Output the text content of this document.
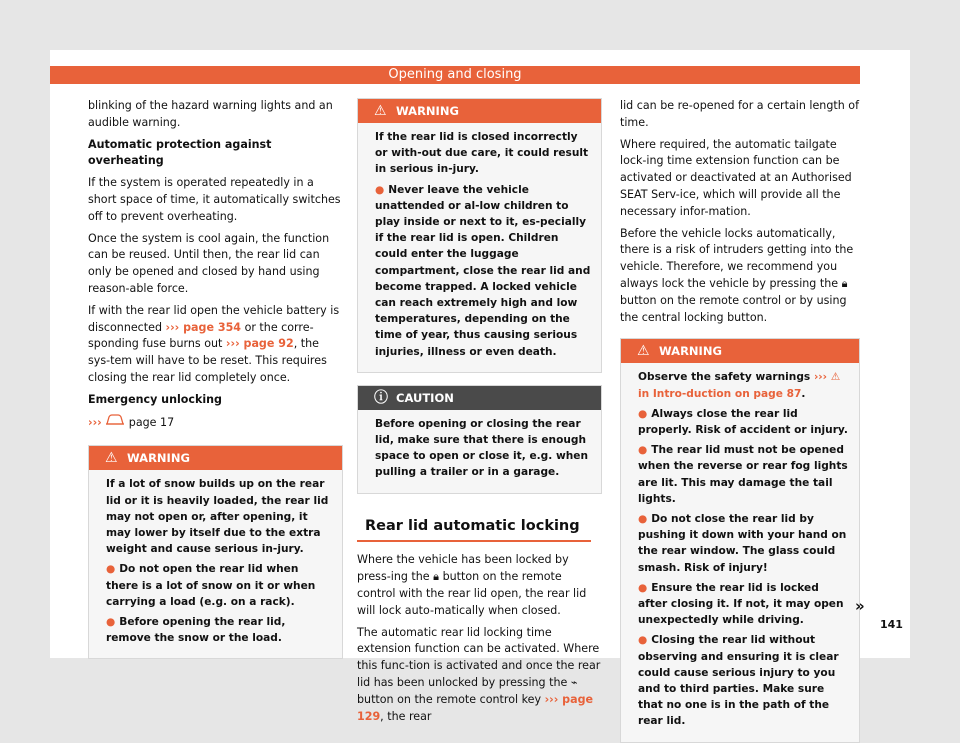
Opening and closing

blinking of the hazard warning lights and an audible warning.

Automatic protection against overheating

If the system is operated repeatedly in a short space of time, it automatically switches off to prevent overheating.

Once the system is cool again, the function can be reused. Until then, the rear lid can only be opened and closed by hand using reason-able force.

If with the rear lid open the vehicle battery is disconnected ››› page 354 or the corre-sponding fuse burns out ››› page 92, the sys-tem will have to be reset. This requires closing the rear lid completely once.

Emergency unlocking

››› page 17

⚠ WARNING

If a lot of snow builds up on the rear lid or it is heavily loaded, the rear lid may not open or, after opening, it may lower by itself due to the extra weight and cause serious in-jury.

● Do not open the rear lid when there is a lot of snow on it or when carrying a load (e.g. on a rack).

● Before opening the rear lid, remove the snow or the load.

⚠ WARNING

If the rear lid is closed incorrectly or with-out due care, it could result in serious in-jury.

● Never leave the vehicle unattended or al-low children to play inside or next to it, es-pecially if the rear lid is open. Children could enter the luggage compartment, close the rear lid and become trapped. A locked vehicle can reach extremely high and low temperatures, depending on the time of year, thus causing serious injuries, illness or even death.

ⓘ CAUTION

Before opening or closing the rear lid, make sure that there is enough space to open or close it, e.g. when pulling a trailer or in a garage.

Rear lid automatic locking

Where the vehicle has been locked by press-ing the 🔒︎ button on the remote control with the rear lid open, the rear lid will lock auto-matically when closed.

The automatic rear lid locking time extension function can be activated. Where this func-tion is activated and once the rear lid has been unlocked by pressing the ⌁ button on the remote control key ››› page 129, the rear

lid can be re-opened for a certain length of time.

Where required, the automatic tailgate lock-ing time extension function can be activated or deactivated at an Authorised SEAT Serv-ice, which will provide all the necessary infor-mation.

Before the vehicle locks automatically, there is a risk of intruders getting into the vehicle. Therefore, we recommend you always lock the vehicle by pressing the 🔒︎ button on the remote control or by using the central locking button.

⚠ WARNING

Observe the safety warnings ››› ⚠ in Intro-duction on page 87.

● Always close the rear lid properly. Risk of accident or injury.

● The rear lid must not be opened when the reverse or rear fog lights are lit. This may damage the tail lights.

● Do not close the rear lid by pushing it down with your hand on the rear window. The glass could smash. Risk of injury!

● Ensure the rear lid is locked after closing it. If not, it may open unexpectedly while driving.

● Closing the rear lid without observing and ensuring it is clear could cause serious injury to you and to third parties. Make sure that no one is in the path of the rear lid.

»
141
